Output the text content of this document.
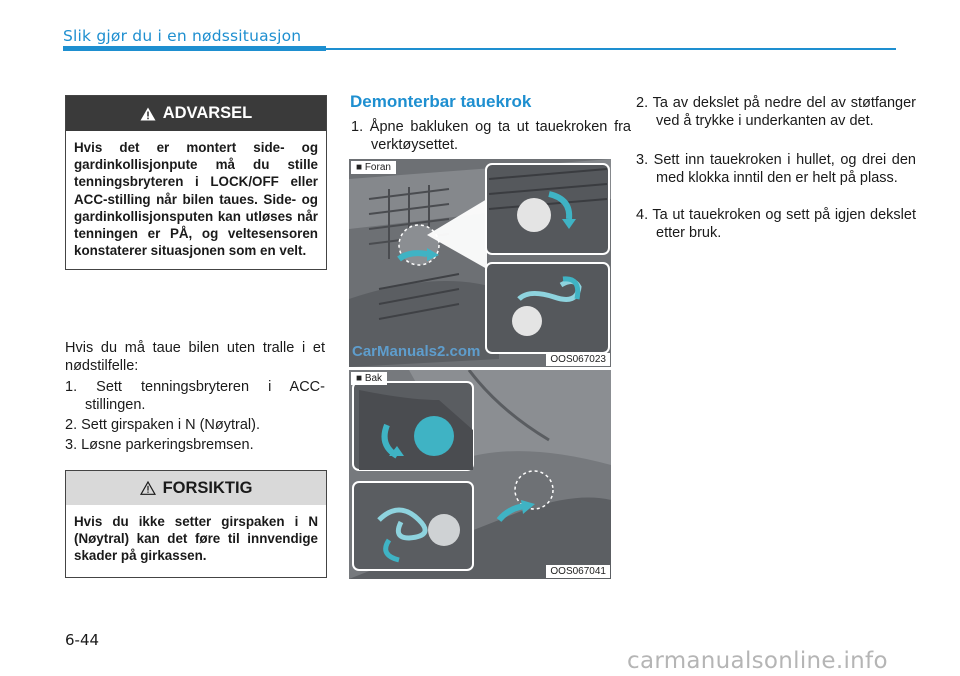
Slik gjør du i en nødssituasjon
ADVARSEL
Hvis det er montert side- og gardinkollisjonpute må du stille tenningsbryteren i LOCK/OFF eller ACC-stilling når bilen taues. Side- og gardinkollisjonsputen kan utløses når tenningen er PÅ, og veltesensoren konstaterer situasjonen som en velt.
Hvis du må taue bilen uten tralle i et nødstilfelle:
1. Sett tenningsbryteren i ACC-stillingen.
2. Sett girspaken i N (Nøytral).
3. Løsne parkeringsbremsen.
FORSIKTIG
Hvis du ikke setter girspaken i N (Nøytral) kan det føre til innvendige skader på girkassen.
Demonterbar tauekrok
1. Åpne bakluken og ta ut tauekroken fra verktøysettet.
■ Foran
OOS067023
CarManuals2.com
■ Bak
OOS067041
2. Ta av dekslet på nedre del av støtfanger ved å trykke i underkanten av det.
3. Sett inn tauekroken i hullet, og drei den med klokka inntil den er helt på plass.
4. Ta ut tauekroken og sett på igjen dekslet etter bruk.
6-44
carmanualsonline.info
